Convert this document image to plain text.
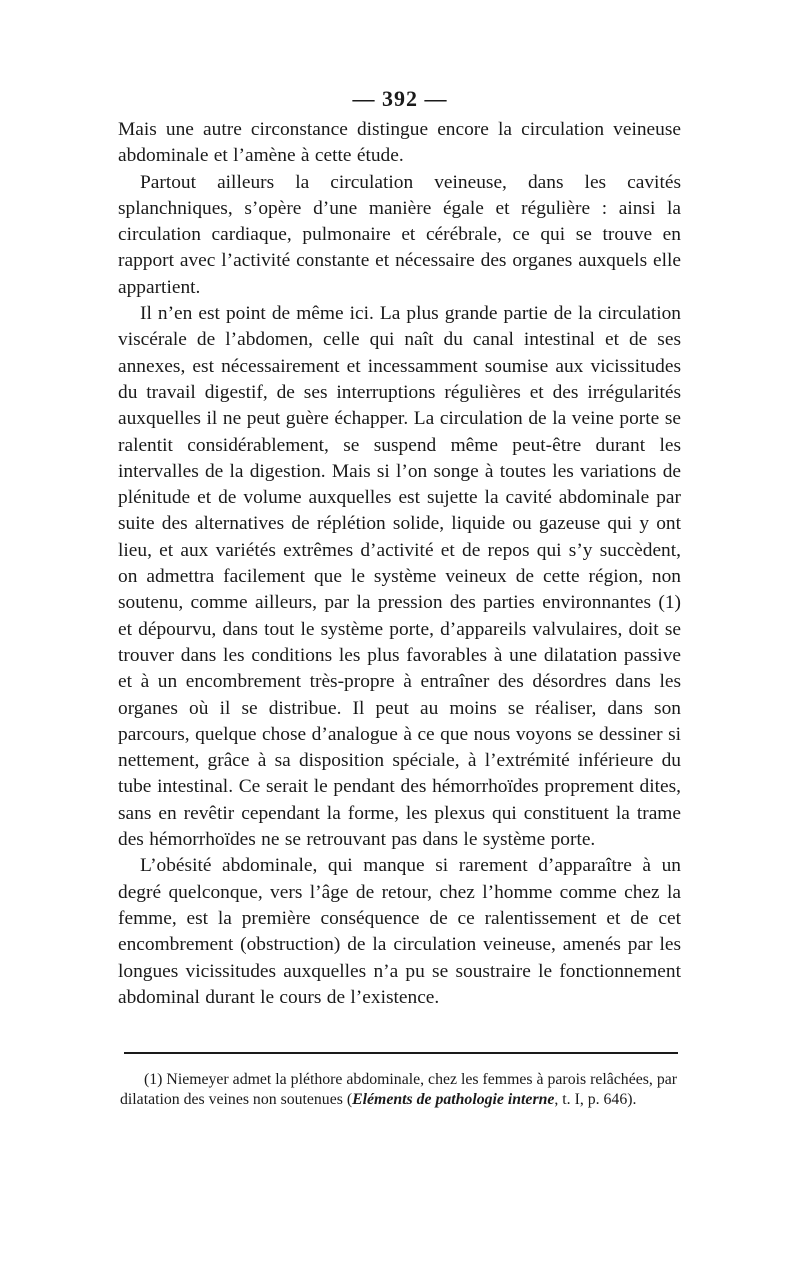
— 392 —

Mais une autre circonstance distingue encore la circulation veineuse abdominale et l’amène à cette étude.

Partout ailleurs la circulation veineuse, dans les cavités splanchniques, s’opère d’une manière égale et régulière : ainsi la circulation cardiaque, pulmonaire et cérébrale, ce qui se trouve en rapport avec l’activité constante et nécessaire des organes auxquels elle appartient.

Il n’en est point de même ici. La plus grande partie de la circulation viscérale de l’abdomen, celle qui naît du canal intestinal et de ses annexes, est nécessairement et incessamment soumise aux vicissitudes du travail digestif, de ses interruptions régulières et des irrégularités auxquelles il ne peut guère échapper. La circulation de la veine porte se ralentit considérablement, se suspend même peut-être durant les intervalles de la digestion. Mais si l’on songe à toutes les variations de plénitude et de volume auxquelles est sujette la cavité abdominale par suite des alternatives de réplétion solide, liquide ou gazeuse qui y ont lieu, et aux variétés extrêmes d’activité et de repos qui s’y succèdent, on admettra facilement que le système veineux de cette région, non soutenu, comme ailleurs, par la pression des parties environnantes (1) et dépourvu, dans tout le système porte, d’appareils valvulaires, doit se trouver dans les conditions les plus favorables à une dilatation passive et à un encombrement très-propre à entraîner des désordres dans les organes où il se distribue. Il peut au moins se réaliser, dans son parcours, quelque chose d’analogue à ce que nous voyons se dessiner si nettement, grâce à sa disposition spéciale, à l’extrémité inférieure du tube intestinal. Ce serait le pendant des hémorrhoïdes proprement dites, sans en revêtir cependant la forme, les plexus qui constituent la trame des hémorrhoïdes ne se retrouvant pas dans le système porte.

L’obésité abdominale, qui manque si rarement d’apparaître à un degré quelconque, vers l’âge de retour, chez l’homme comme chez la femme, est la première conséquence de ce ralentissement et de cet encombrement (obstruction) de la circulation veineuse, amenés par les longues vicissitudes auxquelles n’a pu se soustraire le fonctionnement abdominal durant le cours de l’existence.

(1) Niemeyer admet la pléthore abdominale, chez les femmes à parois relâchées, par dilatation des veines non soutenues (Eléments de pathologie interne, t. I, p. 646).
